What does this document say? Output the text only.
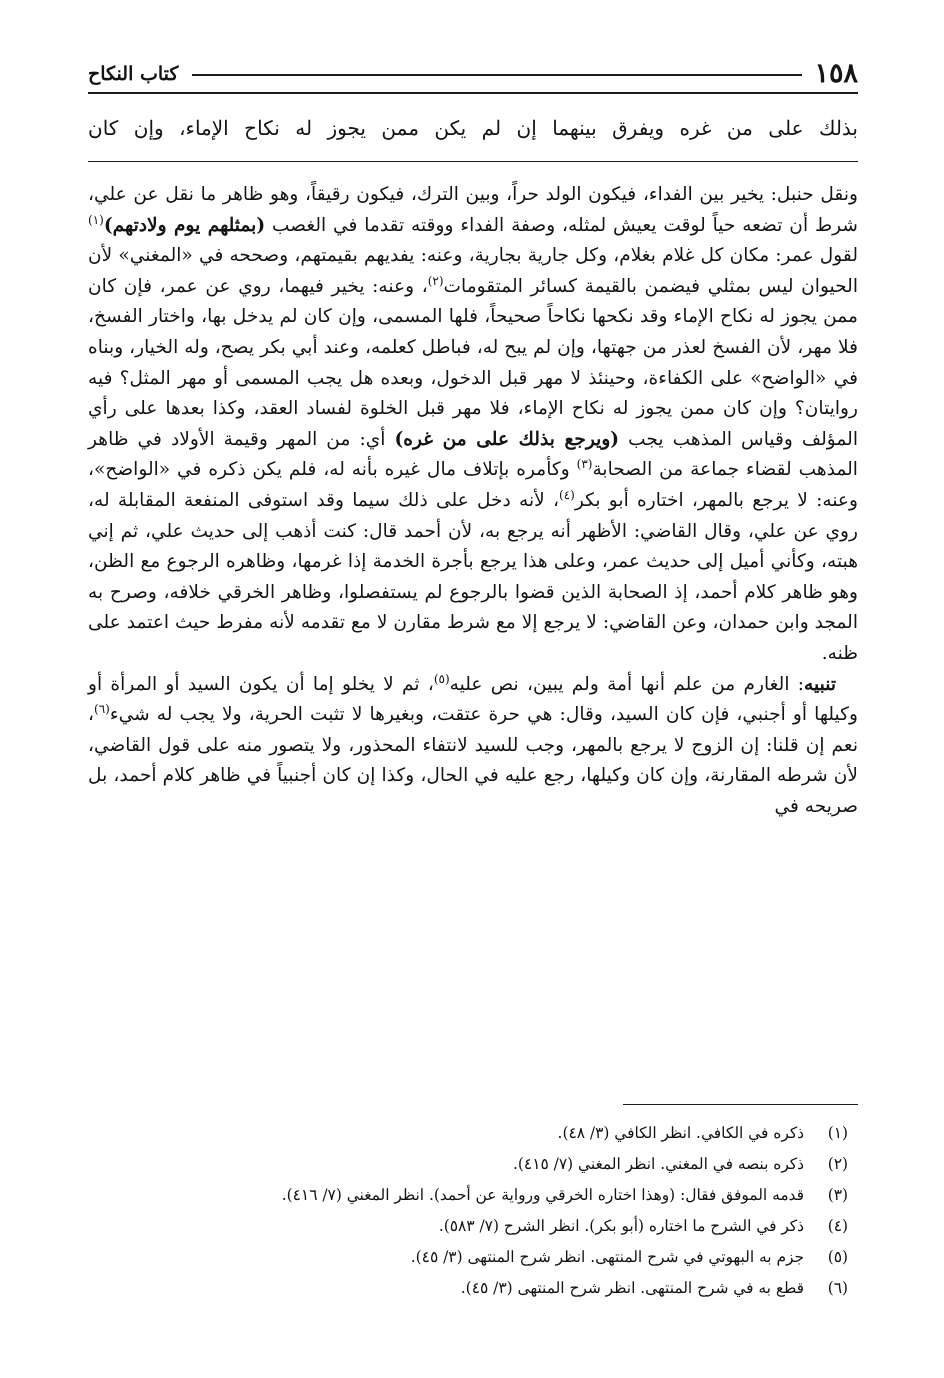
١٥٨
كتاب النكاح
بذلك على من غره ويفرق بينهما إن لم يكن ممن يجوز له نكاح الإماء، وإن كان

ونقل حنبل: يخير بين الفداء، فيكون الولد حراً، وبين الترك، فيكون رقيقاً، وهو ظاهر ما نقل عن علي، شرط أن تضعه حياً لوقت يعيش لمثله، وصفة الفداء ووقته تقدما في الغصب (بمثلهم يوم ولادتهم)$^{(١)}$ لقول عمر: مكان كل غلام بغلام، وكل جارية بجارية، وعنه: يفديهم بقيمتهم، وصححه في «المغني» لأن الحيوان ليس بمثلي فيضمن بالقيمة كسائر المتقومات$^{(٢)}$، وعنه: يخير فيهما، روي عن عمر، فإن كان ممن يجوز له نكاح الإماء وقد نكحها نكاحاً صحيحاً، فلها المسمى، وإن كان لم يدخل بها، واختار الفسخ، فلا مهر، لأن الفسخ لعذر من جهتها، وإن لم يبح له، فباطل كعلمه، وعند أبي بكر يصح، وله الخيار، وبناه في «الواضح» على الكفاءة، وحينئذ لا مهر قبل الدخول، وبعده هل يجب المسمى أو مهر المثل؟ فيه روايتان؟ وإن كان ممن يجوز له نكاح الإماء، فلا مهر قبل الخلوة لفساد العقد، وكذا بعدها على رأي المؤلف وقياس المذهب يجب (ويرجع بذلك على من غره) أي: من المهر وقيمة الأولاد في ظاهر المذهب لقضاء جماعة من الصحابة$^{(٣)}$ وكأمره بإتلاف مال غيره بأنه له، فلم يكن ذكره في «الواضح»، وعنه: لا يرجع بالمهر، اختاره أبو بكر$^{(٤)}$، لأنه دخل على ذلك سيما وقد استوفى المنفعة المقابلة له، روي عن علي، وقال القاضي: الأظهر أنه يرجع به، لأن أحمد قال: كنت أذهب إلى حديث علي، ثم إني هبته، وكأني أميل إلى حديث عمر، وعلى هذا يرجع بأجرة الخدمة إذا غرمها، وظاهره الرجوع مع الظن، وهو ظاهر كلام أحمد، إذ الصحابة الذين قضوا بالرجوع لم يستفصلوا، وظاهر الخرقي خلافه، وصرح به المجد وابن حمدان، وعن القاضي: لا يرجع إلا مع شرط مقارن لا مع تقدمه لأنه مفرط حيث اعتمد على ظنه.

تنبيه: الغارم من علم أنها أمة ولم يبين، نص عليه$^{(٥)}$، ثم لا يخلو إما أن يكون السيد أو المرأة أو وكيلها أو أجنبي، فإن كان السيد، وقال: هي حرة عتقت، وبغيرها لا تثبت الحرية، ولا يجب له شيء$^{(٦)}$، نعم إن قلنا: إن الزوج لا يرجع بالمهر، وجب للسيد لانتفاء المحذور، ولا يتصور منه على قول القاضي، لأن شرطه المقارنة، وإن كان وكيلها، رجع عليه في الحال، وكذا إن كان أجنبياً في ظاهر كلام أحمد، بل صريحه في

(١)
ذكره في الكافي. انظر الكافي (٣/ ٤٨).
(٢)
ذكره بنصه في المغني. انظر المغني (٧/ ٤١٥).
(٣)
قدمه الموفق فقال: (وهذا اختاره الخرقي ورواية عن أحمد). انظر المغني (٧/ ٤١٦).
(٤)
ذكر في الشرح ما اختاره (أبو بكر). انظر الشرح (٧/ ٥٨٣).
(٥)
جزم به البهوتي في شرح المنتهى. انظر شرح المنتهى (٣/ ٤٥).
(٦)
قطع به في شرح المنتهى. انظر شرح المنتهى (٣/ ٤٥).
